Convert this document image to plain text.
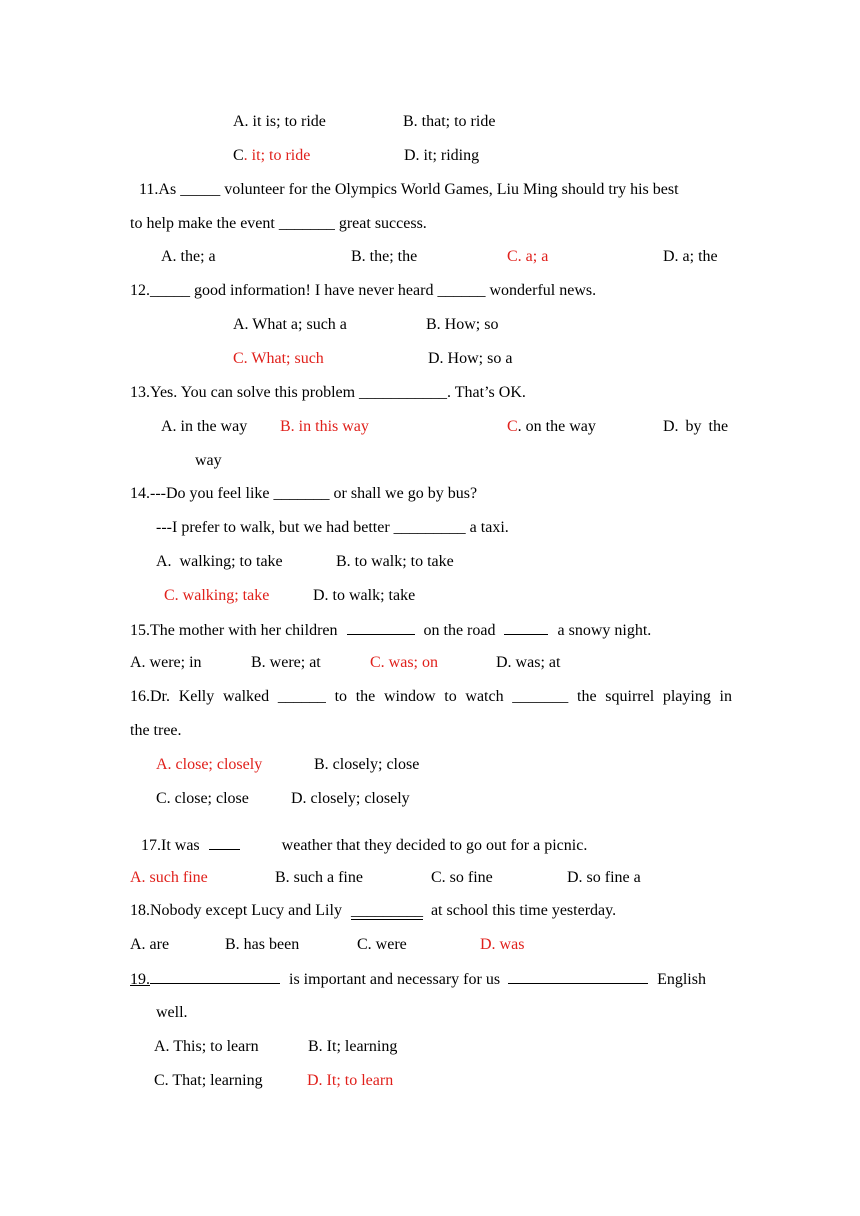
A. it is; to ride	B. that; to ride
C. it; to ride	D. it; riding
11.As _____ volunteer for the Olympics World Games, Liu Ming should try his best
to help make the event _______ great success.
A. the; a	B. the; the	C. a; a	D. a; the
12._____ good information! I have never heard ______ wonderful news.
A. What a; such a	B. How; so
C. What; such	D. How; so a
13.Yes. You can solve this problem ___________. That’s OK.
A. in the way B. in this way	C. on the way	D. by the
way
14.---Do you feel like _______ or shall we go by bus?
---I prefer to walk, but we had better _________ a taxi.
A.  walking; to take	B. to walk; to take
C. walking; take	D. to walk; take
15.The mother with her children	on the road	a snowy night.
A. were; in	B. were; at	C. was; on	D. was; at
16.Dr. Kelly walked ______ to the window to watch _______ the squirrel playing in
the tree.
A. close; closely	B. closely; close
C. close; close	D. closely; closely
17.It was	weather that they decided to go out for a picnic.
A. such fine	B. such a fine	C. so fine	D. so fine a
18.Nobody except Lucy and Lily _________ at school this time yesterday.
A. are	B. has been	C. were	D. was
19.	is important and necessary for us	English
well.
A. This; to learn	B. It; learning
C. That; learning	D. It; to learn
